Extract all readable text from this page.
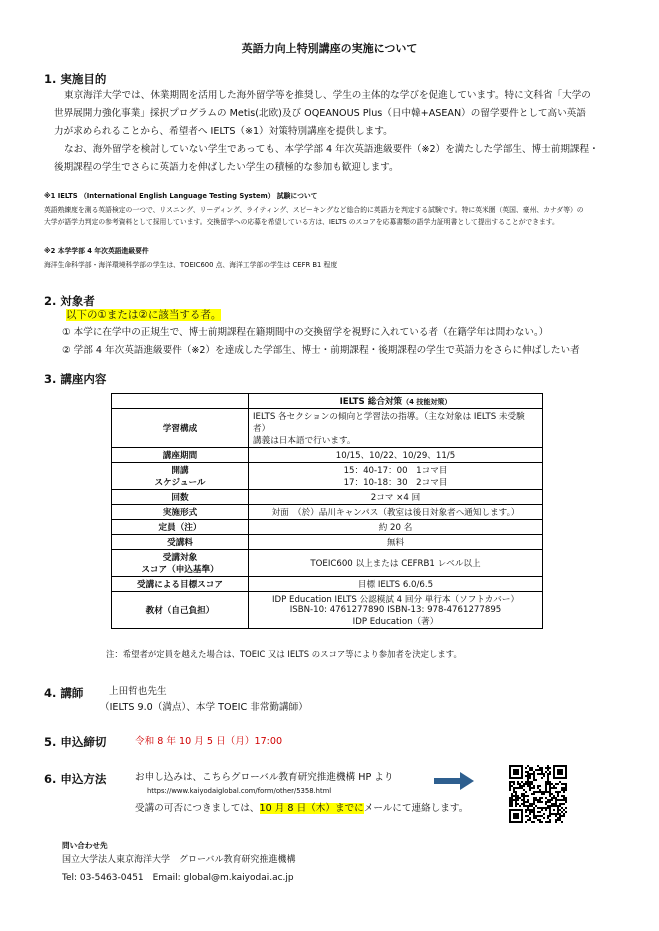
英語力向上特別講座の実施について
1. 実施目的
東京海洋大学では、休業期間を活用した海外留学等を推奨し、学生の主体的な学びを促進しています。特に文科省「大学の
世界展開力強化事業」採択プログラムの Metis(北欧)及び OQEANOUS Plus（日中韓+ASEAN）の留学要件として高い英語
力が求められることから、希望者へ IELTS（※1）対策特別講座を提供します。
なお、海外留学を検討していない学生であっても、本学学部 4 年次英語進級要件（※2）を満たした学部生、博士前期課程・
後期課程の学生でさらに英語力を伸ばしたい学生の積極的な参加も歓迎します。
※1 IELTS （International English Language Testing System） 試験について
英語熟練度を測る英語検定の一つで、リスニング、リーディング、ライティング、スピーキングなど総合的に英語力を判定する試験です。特に英米圏（英国、豪州、カナダ等）の
大学が語学力判定の参考資料として採用しています。交換留学への応募を希望している方は、IELTS のスコアを応募書類の語学力証明書として提出することができます。
※2 本学学部 4 年次英語進級要件
海洋生命科学部・海洋環境科学部の学生は、TOEIC600 点、海洋工学部の学生は CEFR B1 程度
2. 対象者
以下の①または②に該当する者。
① 本学に在学中の正規生で、博士前期課程在籍期間中の交換留学を視野に入れている者（在籍学年は問わない。）
② 学部 4 年次英語進級要件（※2）を達成した学部生、博士・前期課程・後期課程の学生で英語力をさらに伸ばしたい者
3. 講座内容
	IELTS 総合対策（4 技能対策）
学習構成	IELTS 各セクションの傾向と学習法の指導。（主な対象は IELTS 未受験者）
講義は日本語で行います。
講座期間	10/15、10/22、10/29、11/5
開講
スケジュール	15：40-17：00　1コマ目
17：10-18：30　2コマ目
回数	2コマ ×4 回
実施形式	対面　（於）品川キャンパス（教室は後日対象者へ通知します。）
定員（注）	約 20 名
受講料	無料
受講対象
スコア（申込基準）	TOEIC600 以上または CEFRB1 レベル以上
受講による目標スコア	目標 IELTS 6.0/6.5
教材（自己負担）	IDP Education IELTS 公認模試 4 回分 単行本（ソフトカバー）
ISBN-10: 4761277890 ISBN-13: 978-4761277895
IDP Education（著）
注：希望者が定員を越えた場合は、TOEIC 又は IELTS のスコア等により参加者を決定します。
4. 講師	上田哲也先生
（IELTS 9.0（満点）、本学 TOEIC 非常勤講師）
5. 申込締切	令和 8 年 10 月 5 日（月）17:00
6. 申込方法	お申し込みは、こちらグローバル教育研究推進機構 HP より
https://www.kaiyodaiglobal.com/form/other/5358.html
受講の可否につきましては、10 月 8 日（木）までにメールにて連絡します。
問い合わせ先
国立大学法人東京海洋大学　グローバル教育研究推進機構
Tel: 03-5463-0451　Email: global@m.kaiyodai.ac.jp
